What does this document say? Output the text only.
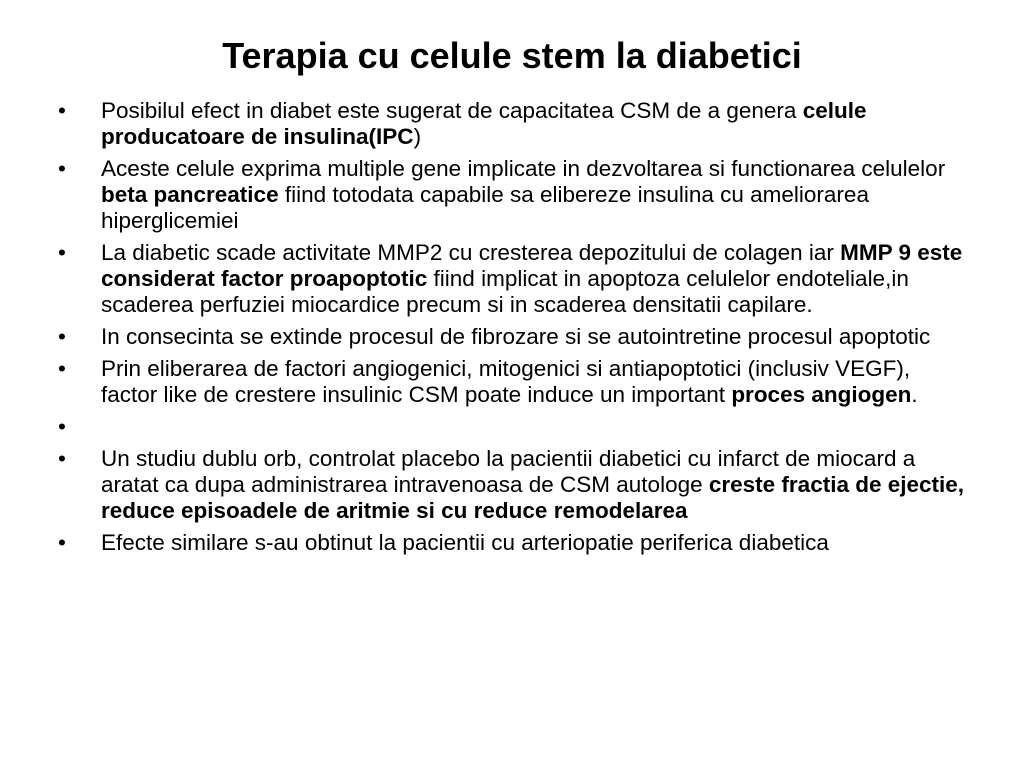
Terapia cu celule stem la diabetici
•	Posibilul efect in diabet este sugerat de capacitatea CSM de a genera celule producatoare de insulina(IPC)
•	Aceste celule exprima multiple gene implicate in dezvoltarea si functionarea celulelor beta pancreatice fiind totodata capabile sa elibereze insulina cu ameliorarea hiperglicemiei
•	La diabetic scade activitate MMP2 cu cresterea depozitului de colagen iar MMP 9 este considerat factor proapoptotic fiind implicat in apoptoza celulelor endoteliale,in scaderea perfuziei miocardice precum si in scaderea densitatii capilare.
•	In consecinta se extinde procesul de fibrozare si se autointretine procesul apoptotic
•	Prin eliberarea de factori angiogenici, mitogenici si antiapoptotici (inclusiv VEGF), factor like de crestere insulinic CSM poate induce un important proces angiogen.
•
•	Un studiu dublu orb, controlat placebo la pacientii diabetici cu infarct de miocard a aratat ca dupa administrarea intravenoasa de CSM autologe creste fractia de ejectie, reduce episoadele de aritmie si cu reduce remodelarea
•	Efecte similare s-au obtinut la pacientii cu arteriopatie periferica diabetica
